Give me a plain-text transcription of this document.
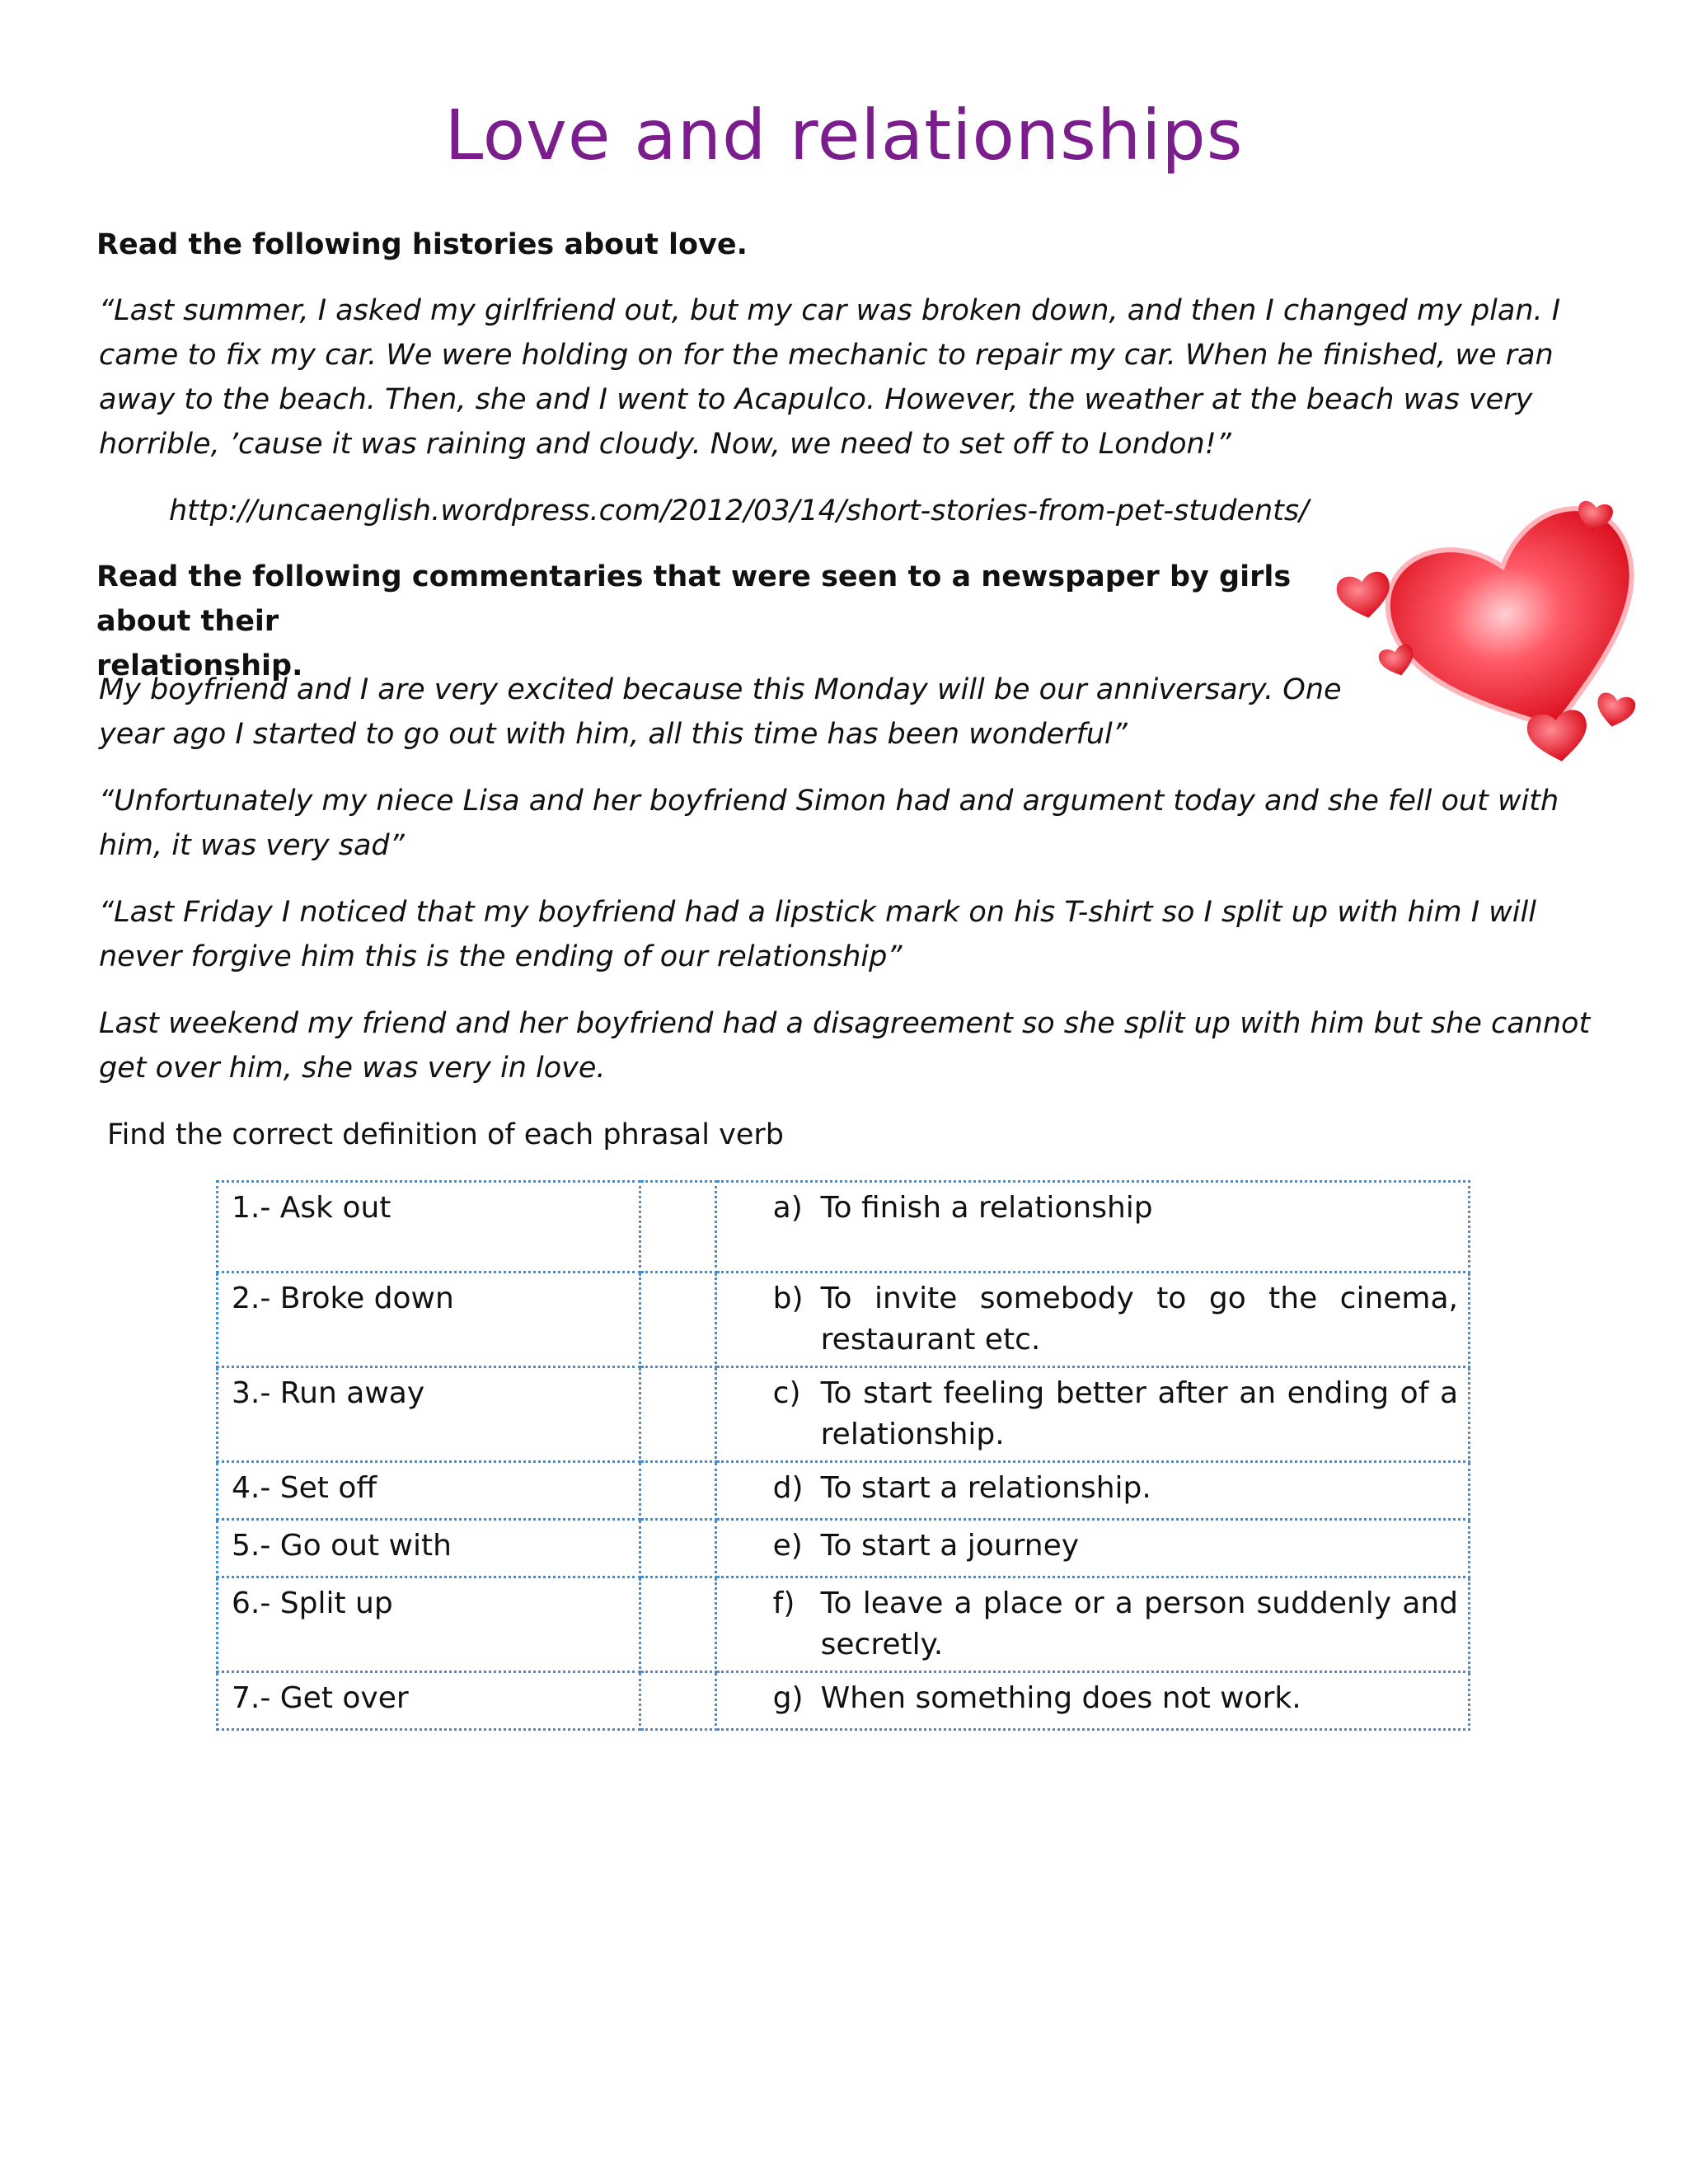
Love and relationships
Read the following histories about love.
“Last summer, I asked my girlfriend out, but my car was broken down, and then I changed my plan. I
came to fix my car. We were holding on for the mechanic to repair my car. When he finished, we ran
away to the beach. Then, she and I went to Acapulco. However, the weather at the beach was very
horrible, ’cause it was raining and cloudy. Now, we need to set off to London!”
http://uncaenglish.wordpress.com/2012/03/14/short-stories-from-pet-students/
Read the following commentaries that were seen to a newspaper by girls about their
relationship.
My boyfriend and I are very excited because this Monday will be our anniversary. One
year ago I started to go out with him, all this time has been wonderful”
“Unfortunately my niece Lisa and her boyfriend Simon had and argument today and she fell out with
him, it was very sad”
“Last Friday I noticed that my boyfriend had a lipstick mark on his T-shirt so I split up with him I will
never forgive him this is the ending of our relationship”
Last weekend my friend and her boyfriend had a disagreement so she split up with him but she cannot
get over him, she was very in love.
Find the correct definition of each phrasal verb
1.- Ask out		a) To finish a relationship

2.- Broke down		b) To invite somebody to go the cinema, restaurant etc.

3.- Run away		c) To start feeling better after an ending of a relationship.

4.- Set off		d) To start a relationship.

5.- Go out with		e) To start a journey

6.- Split up		f) To leave a place or a person suddenly and secretly.

7.- Get over		g) When something does not work.
